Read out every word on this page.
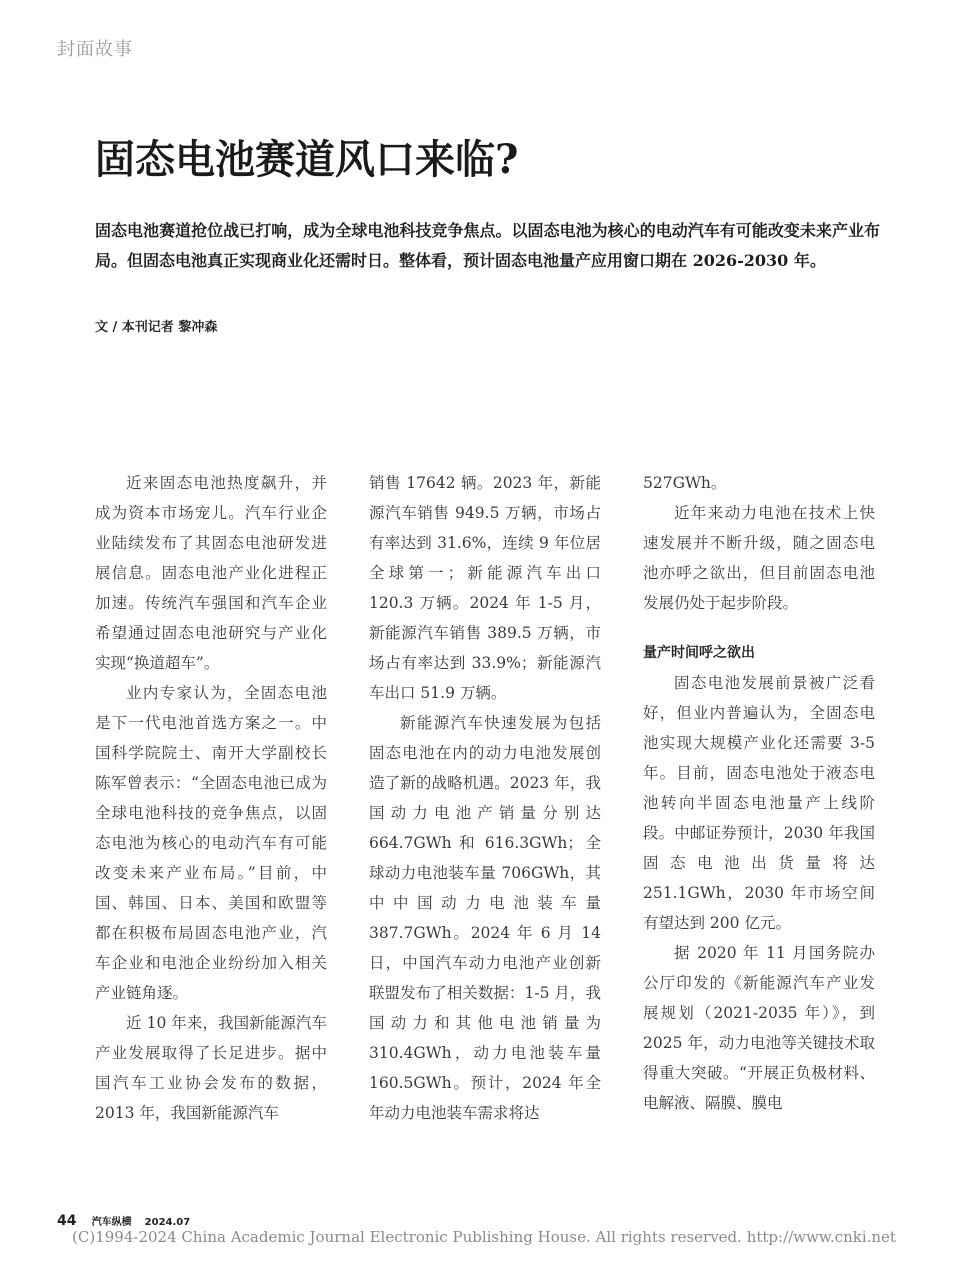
封面故事
固态电池赛道风口来临?

固态电池赛道抢位战已打响，成为全球电池科技竞争焦点。以固态电池为核心的电动汽车有可能改变未来产业布局。但固态电池真正实现商业化还需时日。整体看，预计固态电池量产应用窗口期在 2026-2030 年。

文 / 本刊记者 黎冲森

近来固态电池热度飙升，并成为资本市场宠儿。汽车行业企业陆续发布了其固态电池研发进展信息。固态电池产业化进程正加速。传统汽车强国和汽车企业希望通过固态电池研究与产业化实现“换道超车”。

业内专家认为，全固态电池是下一代电池首选方案之一。中国科学院院士、南开大学副校长陈军曾表示：“全固态电池已成为全球电池科技的竞争焦点，以固态电池为核心的电动汽车有可能改变未来产业布局。”目前，中国、韩国、日本、美国和欧盟等都在积极布局固态电池产业，汽车企业和电池企业纷纷加入相关产业链角逐。

近 10 年来，我国新能源汽车产业发展取得了长足进步。据中国汽车工业协会发布的数据，2013 年，我国新能源汽车

销售 17642 辆。2023 年，新能源汽车销售 949.5 万辆，市场占有率达到 31.6%，连续 9 年位居全球第一；新能源汽车出口 120.3 万辆。2024 年 1-5 月，新能源汽车销售 389.5 万辆，市场占有率达到 33.9%；新能源汽车出口 51.9 万辆。

新能源汽车快速发展为包括固态电池在内的动力电池发展创造了新的战略机遇。2023 年，我国动力电池产销量分别达 664.7GWh 和 616.3GWh；全球动力电池装车量 706GWh，其中中国动力电池装车量 387.7GWh。2024 年 6 月 14 日，中国汽车动力电池产业创新联盟发布了相关数据：1-5 月，我国动力和其他电池销量为 310.4GWh，动力电池装车量 160.5GWh。预计，2024 年全年动力电池装车需求将达

527GWh。

近年来动力电池在技术上快速发展并不断升级，随之固态电池亦呼之欲出，但目前固态电池发展仍处于起步阶段。

量产时间呼之欲出

固态电池发展前景被广泛看好，但业内普遍认为，全固态电池实现大规模产业化还需要 3-5 年。目前，固态电池处于液态电池转向半固态电池量产上线阶段。中邮证券预计，2030 年我国固态电池出货量将达 251.1GWh，2030 年市场空间有望达到 200 亿元。

据 2020 年 11 月国务院办公厅印发的《新能源汽车产业发展规划（2021-2035 年）》，到 2025 年，动力电池等关键技术取得重大突破。“开展正负极材料、电解液、隔膜、膜电

44 汽车纵横 2024.07
(C)1994-2024 China Academic Journal Electronic Publishing House. All rights reserved. http://www.cnki.net
